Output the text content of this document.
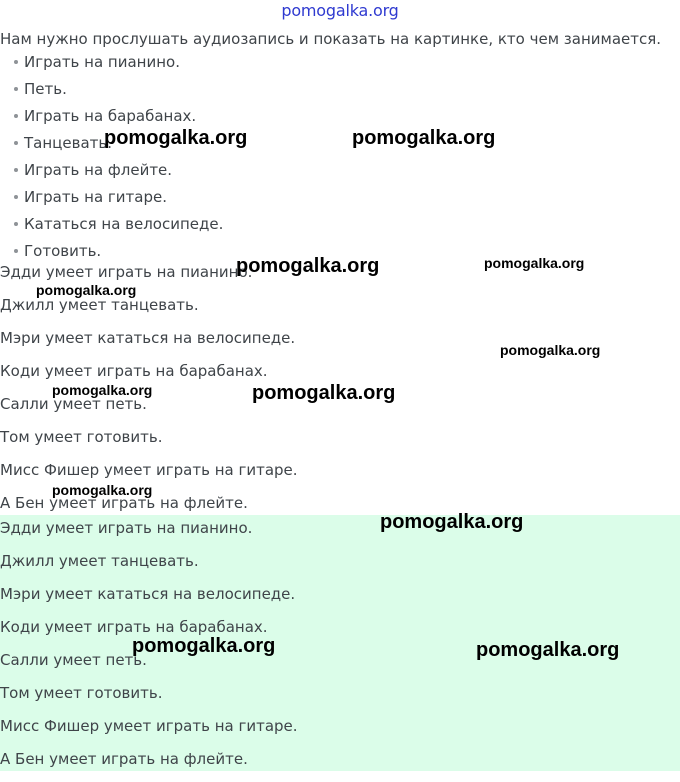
pomogalka.org
Нам нужно прослушать аудиозапись и показать на картинке, кто чем занимается.
Играть на пианино.
Петь.
Играть на барабанах.
Танцевать.
Играть на флейте.
Играть на гитаре.
Кататься на велосипеде.
Готовить.
Эдди умеет играть на пианино.
Джилл умеет танцевать.
Мэри умеет кататься на велосипеде.
Коди умеет играть на барабанах.
Салли умеет петь.
Том умеет готовить.
Мисс Фишер умеет играть на гитаре.
А Бен умеет играть на флейте.
Эдди умеет играть на пианино.
Джилл умеет танцевать.
Мэри умеет кататься на велосипеде.
Коди умеет играть на барабанах.
Салли умеет петь.
Том умеет готовить.
Мисс Фишер умеет играть на гитаре.
А Бен умеет играть на флейте.
pomogalka.org	pomogalka.org
pomogalka.org	pomogalka.org
pomogalka.org
pomogalka.org
pomogalka.org	pomogalka.org
pomogalka.org
pomogalka.org
pomogalka.org	pomogalka.org
